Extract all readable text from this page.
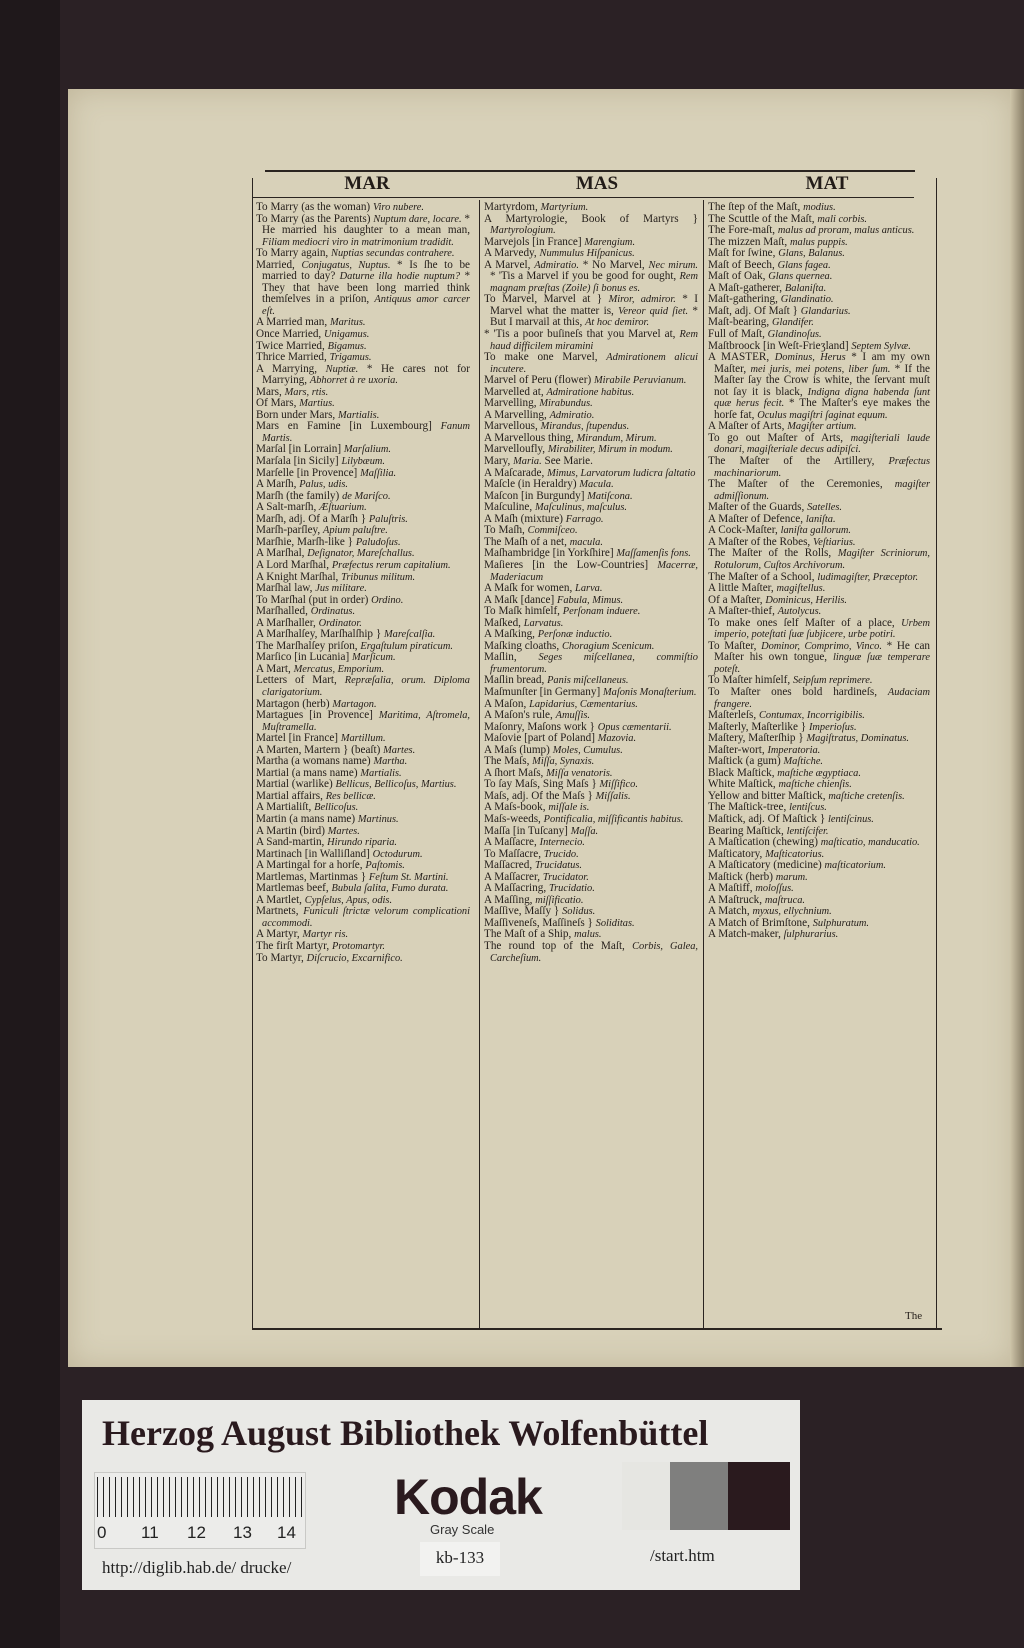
MAR	MAS	MAT
To Marry (as the woman) Viro nubere.
To Marry (as the Parents) Nuptum dare, locare. * He married his daughter to a mean man, Filiam mediocri viro in matrimonium tradidit.
To Marry again, Nuptias secundas contrahere.
Married, Conjugatus, Nuptus. * Is ſhe to be married to day? Daturne illa hodie nuptum? * They that have been long married think themſelves in a priſon, Antiquus amor carcer eſt.
A Married man, Maritus.
Once Married, Unigamus.
Twice Married, Bigamus.
Thrice Married, Trigamus.
A Marrying, Nuptiæ. * He cares not for Marrying, Abhorret à re uxoria.
Mars, Mars, rtis.
Of Mars, Martius.
Born under Mars, Martialis.
Mars en Famine [in Luxembourg] Fanum Martis.
Marſal [in Lorrain] Marſalium.
Marſala [in Sicily] Lilybæum.
Marſelle [in Provence] Maſſilia.
A Marſh, Palus, udis.
Marſh (the family) de Mariſco.
A Salt-marſh, Æſtuarium.
Marſh, adj. Of a Marſh } Paluſtris.
Marſh-parſley, Apium paluſtre.
Marſhie, Marſh-like } Paludoſus.
A Marſhal, Deſignator, Mareſchallus.
A Lord Marſhal, Præfectus rerum capitalium.
A Knight Marſhal, Tribunus militum.
Marſhal law, Jus militare.
To Marſhal (put in order) Ordino.
Marſhalled, Ordinatus.
A Marſhaller, Ordinator.
A Marſhalſey, Marſhalſhip } Mareſcalſia.
The Marſhalſey priſon, Ergaſtulum piraticum.
Marſico [in Lucania] Marſicum.
A Mart, Mercatus, Emporium.
Letters of Mart, Repræſalia, orum. Diploma clarigatorium.
Martagon (herb) Martagon.
Martagues [in Provence] Maritima, Aſtromela, Muſtramella.
Martel [in France] Martillum.
A Marten, Martern } (beaſt) Martes.
Martha (a womans name) Martha.
Martial (a mans name) Martialis.
Martial (warlike) Bellicus, Bellicoſus, Martius.
Martial affairs, Res bellicæ.
A Martialiſt, Bellicoſus.
Martin (a mans name) Martinus.
A Martin (bird) Martes.
A Sand-martin, Hirundo riparia.
Martinach [in Walliſland] Octodurum.
A Martingal for a horſe, Paſtomis.
Martlemas, Martinmas } Feſtum St. Martini.
Martlemas beef, Bubula ſalita, Fumo durata.
A Martlet, Cypſelus, Apus, odis.
Martnets, Funiculi ſtrictæ velorum complicationi accommodi.
A Martyr, Martyr ris.
The firſt Martyr, Protomartyr.
To Martyr, Diſcrucio, Excarnifico.
Martyrdom, Martyrium.
A Martyrologie, Book of Martyrs } Martyrologium.
Marvejols [in France] Marengium.
A Marvedy, Nummulus Hiſpanicus.
A Marvel, Admiratio. * No Marvel, Nec mirum. * 'Tis a Marvel if you be good for ought, Rem magnam præſtas (Zoile) ſi bonus es.
To Marvel, Marvel at } Miror, admiror. * I Marvel what the matter is, Vereor quid ſiet. * But I marvail at this, At hoc demiror.
* 'Tis a poor buſineſs that you Marvel at, Rem haud difficilem miramini
To make one Marvel, Admirationem alicui incutere.
Marvel of Peru (flower) Mirabile Peruvianum.
Marvelled at, Admiratione habitus.
Marvelling, Mirabundus.
A Marvelling, Admiratio.
Marvellous, Mirandus, ſtupendus.
A Marvellous thing, Mirandum, Mirum.
Marvelloufly, Mirabiliter, Mirum in modum.
Mary, Maria. See Marie.
A Maſcarade, Mimus, Larvatorum ludicra ſaltatio
Maſcle (in Heraldry) Macula.
Maſcon [in Burgundy] Matiſcona.
Maſculine, Maſculinus, maſculus.
A Maſh (mixture) Farrago.
To Maſh, Commiſceo.
The Maſh of a net, macula.
Maſhambridge [in Yorkſhire] Maſſamenſis fons.
Maſieres [in the Low-Countries] Macerræ, Maderiacum
A Maſk for women, Larva.
A Maſk [dance] Fabula, Mimus.
To Maſk himſelf, Perſonam induere.
Maſked, Larvatus.
A Maſking, Perſonæ inductio.
Maſking cloaths, Choragium Scenicum.
Maſlin, Seges miſcellanea, commiſtio frumentorum.
Maſlin bread, Panis miſcellaneus.
Maſmunſter [in Germany] Maſonis Monaſterium.
A Maſon, Lapidarius, Cæmentarius.
A Maſon's rule, Amuſſis.
Maſonry, Maſons work } Opus cæmentarii.
Maſovie [part of Poland] Mazovia.
A Maſs (lump) Moles, Cumulus.
The Maſs, Miſſa, Synaxis.
A ſhort Maſs, Miſſa venatoris.
To ſay Maſs, Sing Maſs } Miſſifico.
Maſs, adj. Of the Maſs } Miſſalis.
A Maſs-book, miſſale is.
Maſs-weeds, Pontificalia, miſſificantis habitus.
Maſſa [in Tuſcany] Maſſa.
A Maſſacre, Internecio.
To Maſſacre, Trucido.
Maſſacred, Trucidatus.
A Maſſacrer, Trucidator.
A Maſſacring, Trucidatio.
A Maſſing, miſſificatio.
Maſſive, Maſſy } Solidus.
Maſſiveneſs, Maſſineſs } Soliditas.
The Maſt of a Ship, malus.
The round top of the Maſt, Corbis, Galea, Carcheſium.
The ſtep of the Maſt, modius.
The Scuttle of the Maſt, mali corbis.
The Fore-maſt, malus ad proram, malus anticus.
The mizzen Maſt, malus puppis.
Maſt for ſwine, Glans, Balanus.
Maſt of Beech, Glans fagea.
Maſt of Oak, Glans quernea.
A Maſt-gatherer, Balaniſta.
Maſt-gathering, Glandinatio.
Maſt, adj. Of Maſt } Glandarius.
Maſt-bearing, Glandifer.
Full of Maſt, Glandinoſus.
Maſtbroock [in Weſt-Frieʒland] Septem Sylvæ.
A MASTER, Dominus, Herus * I am my own Maſter, mei juris, mei potens, liber ſum. * If the Maſter ſay the Crow is white, the ſervant muſt not ſay it is black, Indigna digna habenda ſunt quæ herus fecit. * The Maſter's eye makes the horſe fat, Oculus magiſtri ſaginat equum.
A Maſter of Arts, Magiſter artium.
To go out Maſter of Arts, magiſteriali laude donari, magiſteriale decus adipiſci.
The Maſter of the Artillery, Præfectus machinariorum.
The Maſter of the Ceremonies, magiſter admiſſionum.
Maſter of the Guards, Satelles.
A Maſter of Defence, laniſta.
A Cock-Maſter, laniſta gallorum.
A Maſter of the Robes, Veſtiarius.
The Maſter of the Rolls, Magiſter Scriniorum, Rotulorum, Cuſtos Archivorum.
The Maſter of a School, ludimagiſter, Præceptor.
A little Maſter, magiſtellus.
Of a Maſter, Dominicus, Herilis.
A Maſter-thief, Autolycus.
To make ones ſelf Maſter of a place, Urbem imperio, poteſtati ſuæ ſubjicere, urbe potiri.
To Maſter, Dominor, Comprimo, Vinco. * He can Maſter his own tongue, linguæ ſuæ temperare poteſt.
To Maſter himſelf, Seipſum reprimere.
To Maſter ones bold hardineſs, Audaciam frangere.
Maſterleſs, Contumax, Incorrigibilis.
Maſterly, Maſterlike } Imperioſus.
Maſtery, Maſterſhip } Magiſtratus, Dominatus.
Maſter-wort, Imperatoria.
Maſtick (a gum) Maſtiche.
Black Maſtick, maſtiche ægyptiaca.
White Maſtick, maſtiche chienſis.
Yellow and bitter Maſtick, maſtiche cretenſis.
The Maſtick-tree, lentiſcus.
Maſtick, adj. Of Maſtick } lentiſcinus.
Bearing Maſtick, lentiſcifer.
A Maſtication (chewing) maſticatio, manducatio.
Maſticatory, Maſticatorius.
A Maſticatory (medicine) maſticatorium.
Maſtick (herb) marum.
A Maſtiff, moloſſus.
A Maſtruck, maſtruca.
A Match, myxus, ellychnium.
A Match of Brimſtone, Sulphuratum.
A Match-maker, ſulphurarius.
The
Herzog August Bibliothek Wolfenbüttel
0 11 12 13 14
Kodak
Gray Scale
kb-133
http://diglib.hab.de/ drucke/
/start.htm
